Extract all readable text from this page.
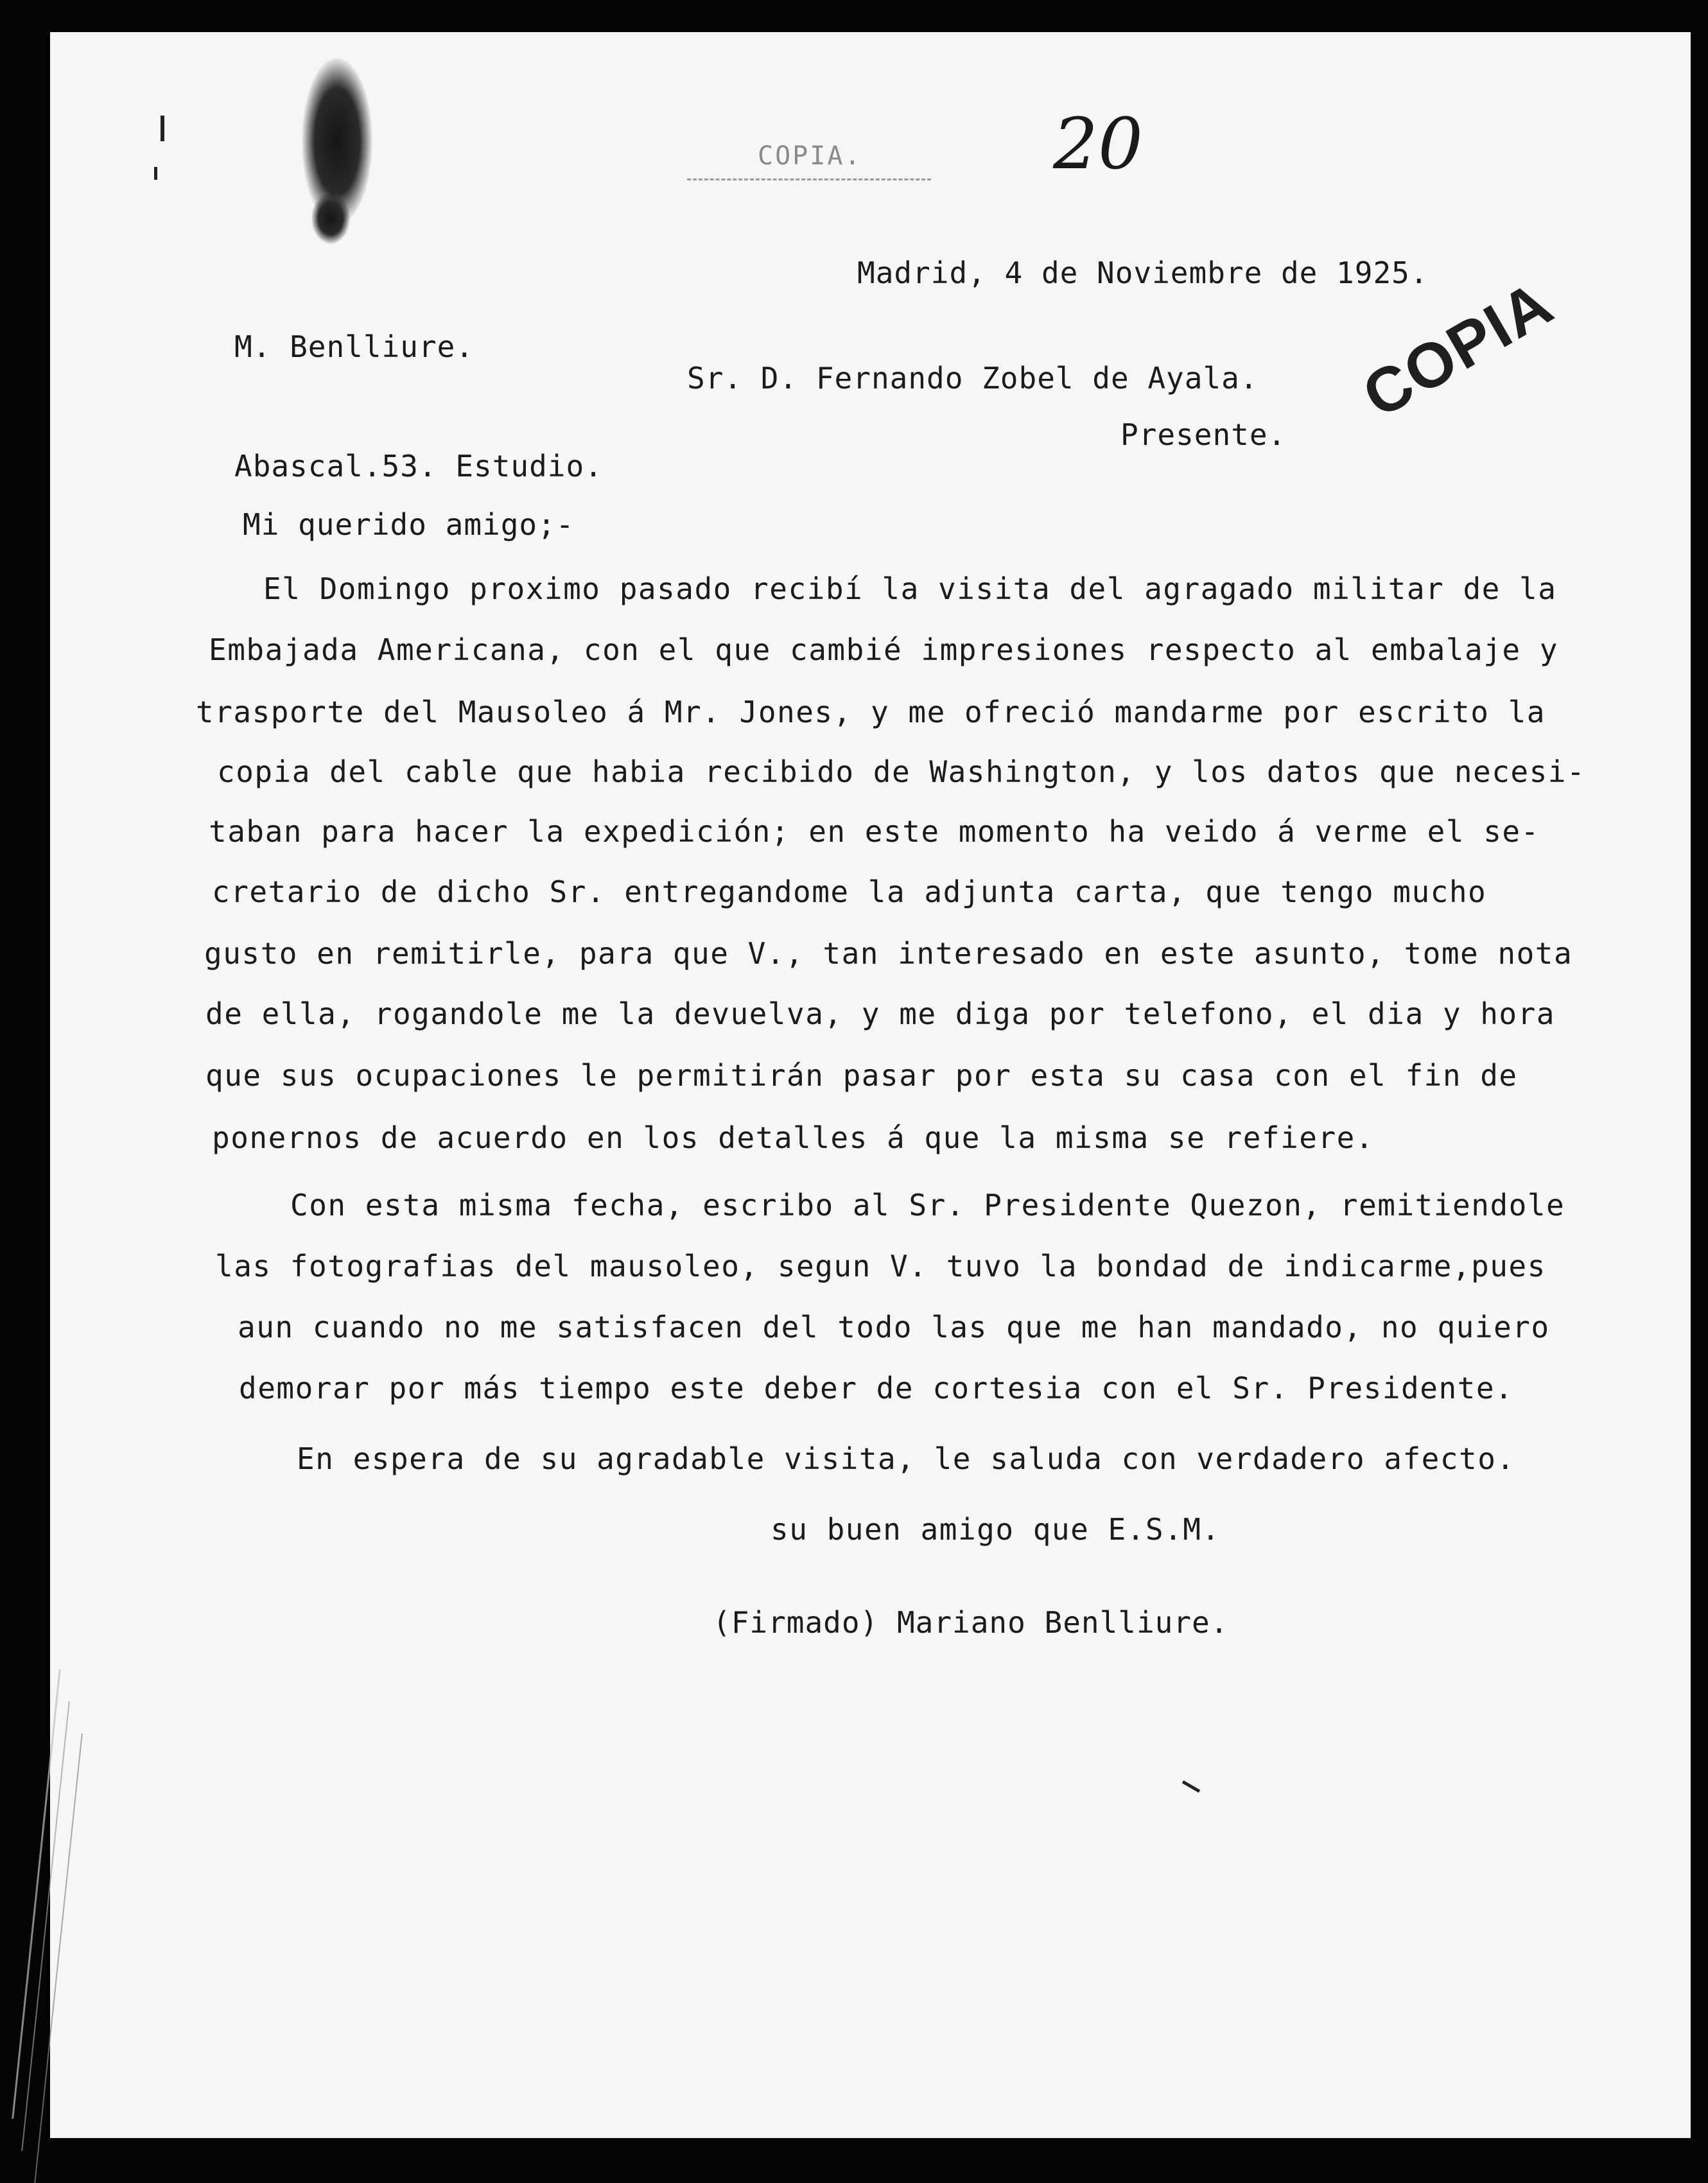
COPIA.	20
COPIA

M. Benlliure.

Abascal.53. Estudio.

Madrid, 4 de Noviembre de 1925.
Sr. D. Fernando Zobel de Ayala.
Presente.
Mi querido amigo;-
El Domingo proximo pasado recibí la visita del agragado militar de la
Embajada Americana, con el que cambié impresiones respecto al embalaje y
trasporte del Mausoleo á Mr. Jones, y me ofreció mandarme por escrito la
copia del cable que habia recibido de Washington, y los datos que necesi-
taban para hacer la expedición; en este momento ha veido á verme el se-
cretario de dicho Sr. entregandome la adjunta carta, que tengo mucho
gusto en remitirle, para que V., tan interesado en este asunto, tome nota
de ella, rogandole me la devuelva, y me diga por telefono, el dia y hora
que sus ocupaciones le permitirán pasar por esta su casa con el fin de
ponernos de acuerdo en los detalles á que la misma se refiere.
Con esta misma fecha, escribo al Sr. Presidente Quezon, remitiendole
las fotografias del mausoleo, segun V. tuvo la bondad de indicarme,pues
aun cuando no me satisfacen del todo las que me han mandado, no quiero
demorar por más tiempo este deber de cortesia con el Sr. Presidente.
En espera de su agradable visita, le saluda con verdadero afecto.
su buen amigo que E.S.M.
(Firmado) Mariano Benlliure.
